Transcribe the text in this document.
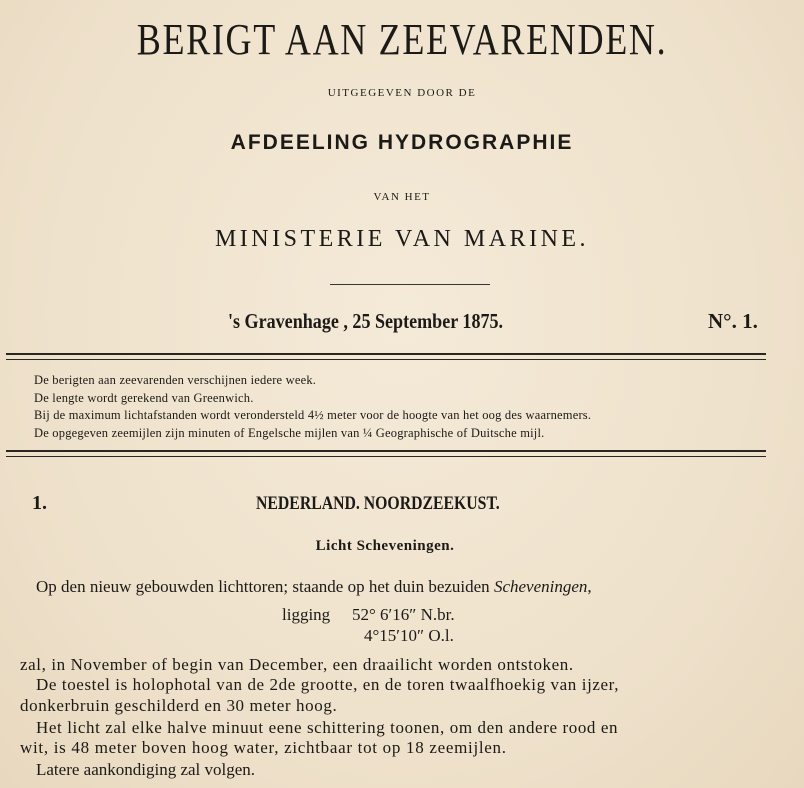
BERIGT AAN ZEEVARENDEN.
UITGEGEVEN DOOR DE
AFDEELING HYDROGRAPHIE
VAN HET
MINISTERIE VAN MARINE.
's Gravenhage , 25 September 1875.	N°. 1.
De berigten aan zeevarenden verschijnen iedere week.
De lengte wordt gerekend van Greenwich.
Bij de maximum lichtafstanden wordt verondersteld 4½ meter voor de hoogte van het oog des waarnemers.
De opgegeven zeemijlen zijn minuten of Engelsche mijlen van ¼ Geographische of Duitsche mijl.
1.	NEDERLAND. NOORDZEEKUST.
Licht Scheveningen.
Op den nieuw gebouwden lichttoren; staande op het duin bezuiden Scheveningen,
ligging 52° 6′16″ N.br.
4°15′10″ O.l.
zal, in November of begin van December, een draailicht worden ontstoken.
De toestel is holophotal van de 2de grootte, en de toren twaalfhoekig van ijzer,
donkerbruin geschilderd en 30 meter hoog.
Het licht zal elke halve minuut eene schittering toonen, om den andere rood en
wit, is 48 meter boven hoog water, zichtbaar tot op 18 zeemijlen.
Latere aankondiging zal volgen.
